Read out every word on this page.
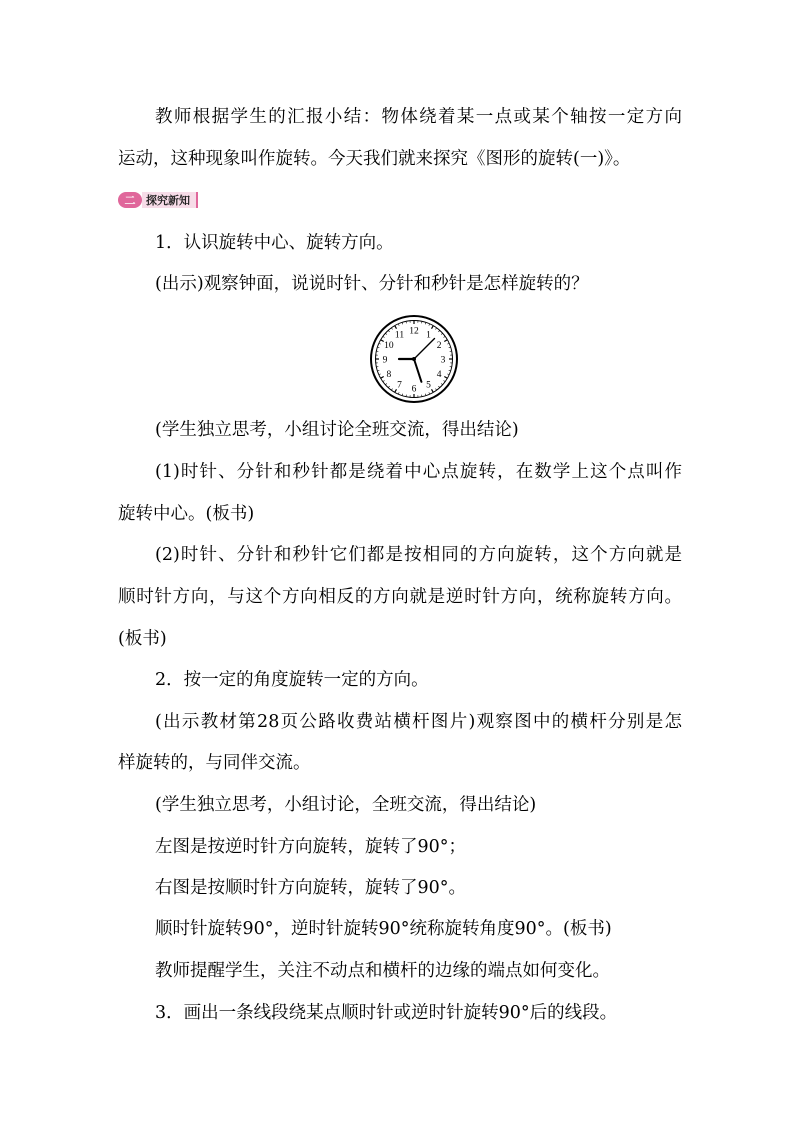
教师根据学生的汇报小结：物体绕着某一点或某个轴按一定方向
运动，这种现象叫作旋转。今天我们就来探究《图形的旋转(一)》。
二 探究新知
1．认识旋转中心、旋转方向。
(出示)观察钟面，说说时针、分针和秒针是怎样旋转的？
12 1
2
3
4
5
6
7
8
9
10
11
(学生独立思考，小组讨论全班交流，得出结论)
(1)时针、分针和秒针都是绕着中心点旋转，在数学上这个点叫作
旋转中心。(板书)
(2)时针、分针和秒针它们都是按相同的方向旋转，这个方向就是
顺时针方向，与这个方向相反的方向就是逆时针方向，统称旋转方向。
(板书)
2．按一定的角度旋转一定的方向。
(出示教材第28页公路收费站横杆图片)观察图中的横杆分别是怎
样旋转的，与同伴交流。
(学生独立思考，小组讨论，全班交流，得出结论)
左图是按逆时针方向旋转，旋转了90°；
右图是按顺时针方向旋转，旋转了90°。
顺时针旋转90°，逆时针旋转90°统称旋转角度90°。(板书)
教师提醒学生，关注不动点和横杆的边缘的端点如何变化。
3．画出一条线段绕某点顺时针或逆时针旋转90°后的线段。
